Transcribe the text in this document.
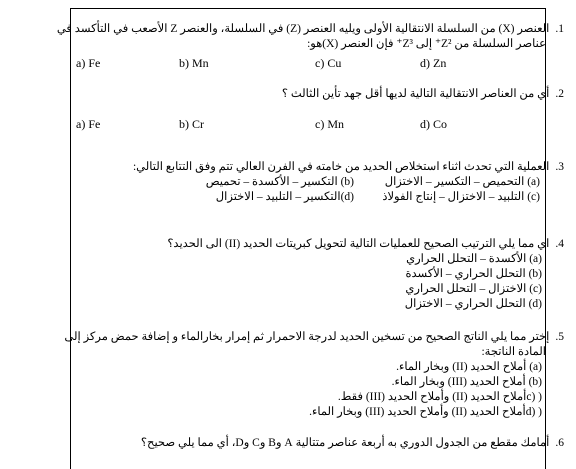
1.العنصر (X) من السلسلة الانتقالية الأولى ويليه العنصر (Z) في السلسلة، والعنصر Z الأصعب في التأكسد في
عناصر السلسلة من Z²⁺ إلى Z³⁺ فإن العنصر (X)هو:
a) Fe	b) Mn	c) Cu	d) Zn
2.أي من العناصر الانتقالية التالية لديها أقل جهد تأين الثالث ؟
a) Fe	b) Cr	c) Mn	d) Co
3.العملية التي تحدث اثناء استخلاص الحديد من خامته في الفرن العالي تتم وفق التتابع التالي:
(a) التحميص – التكسير – الاختزال
(b) التكسير – الأكسدة – تحميص
(c) التلبيد – الاختزال – إنتاج الفولاذ
(d)التكسير – التلبيد – الاختزال
4.اي مما يلي الترتيب الصحيح للعمليات التالية لتحويل كبريتات الحديد (II) الى الحديد؟
(a) الأكسدة – التحلل الحراري
(b) التحلل الحراري – الأكسدة
(c) الاختزال – التحلل الحراري
(d) التحلل الحراري – الاختزال
5.إختر مما يلي الناتج الصحيح من تسخين الحديد لدرجة الاحمرار ثم إمرار بخارالماء و إضافة حمض مركز إلى
المادة الناتجة:
(a) أملاح الحديد (II) وبخار الماء.
(b) أملاح الحديد (III) وبخار الماء.
( (cأملاح الحديد (II) وأملاح الحديد (III) فقط.
( (dأملاح الحديد (II) وأملاح الحديد (III) وبخار الماء.
6.أمامك مقطع من الجدول الدوري به أربعة عناصر متتالية A وB وC وD، أي مما يلي صحيح؟
